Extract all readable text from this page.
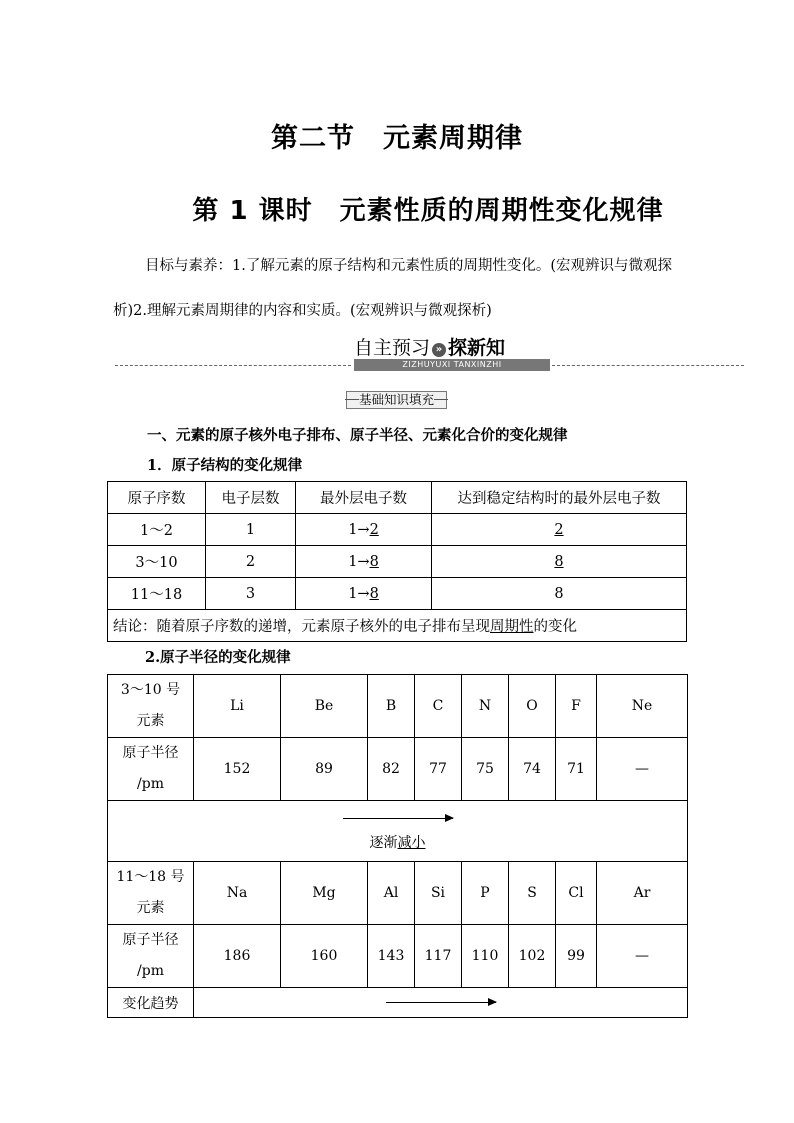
第二节　元素周期律
第 1 课时　元素性质的周期性变化规律
目标与素养：1.了解元素的原子结构和元素性质的周期性变化。(宏观辨识与微观探析)2.理解元素周期律的内容和实质。(宏观辨识与微观探析)
自主预习 » 探新知
ZIZHUYUXI TANXINZHI
基础知识填充
一、元素的原子核外电子排布、原子半径、元素化合价的变化规律
1．原子结构的变化规律
原子序数	电子层数	最外层电子数	达到稳定结构时的最外层电子数
1～2	1	1→2	2
3～10	2	1→8	8
11～18	3	1→8	8
结论：随着原子序数的递增，元素原子核外的电子排布呈现周期性的变化			
2.原子半径的变化规律
3～10 号
元素	Li	Be	B	C	N	O	F	Ne

原子半径
/pm	152	89	82	77	75	74	71	—

逐渐减小								

11～18 号
元素	Na	Mg	Al	Si	P	S	Cl	Ar

原子半径
/pm	186	160	143	117	110	102	99	—
变化趋势								
